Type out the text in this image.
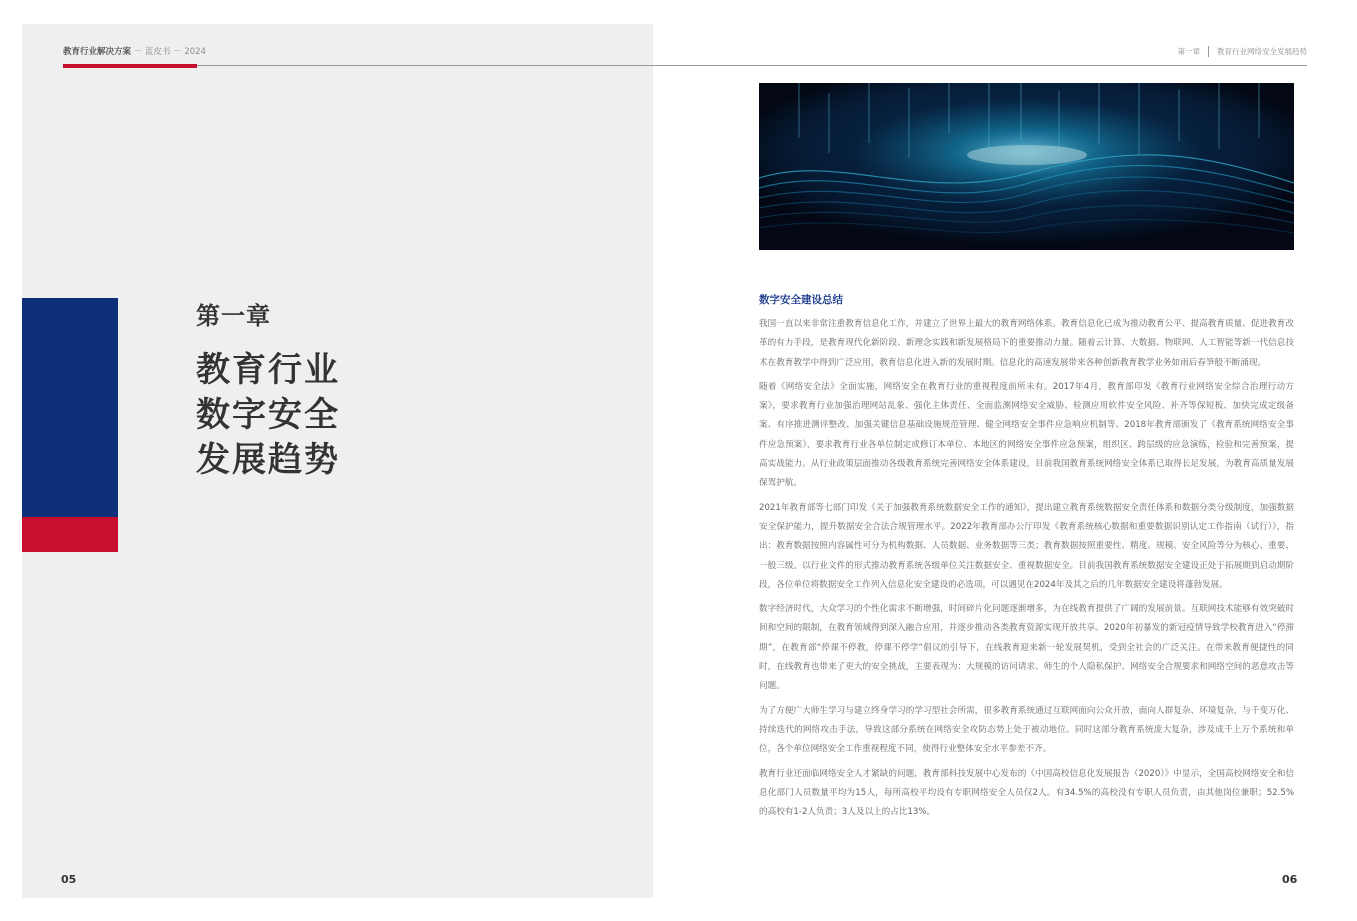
教育行业解决方案 － 蓝皮书 － 2024	第一章 教育行业网络安全发展趋势
第一章
教育行业
数字安全
发展趋势
05	06
数字安全建设总结

我国一直以来非常注重教育信息化工作，并建立了世界上最大的教育网络体系。教育信息化已成为推动教育公平、提高教育质量、促进教育改革的有力手段，是教育现代化新阶段、新理念实践和新发展格局下的重要推动力量。随着云计算、大数据、物联网、人工智能等新一代信息技术在教育教学中得到广泛应用，教育信息化进入新的发展时期。信息化的高速发展带来各种创新教育教学业务如雨后春笋般不断涌现。

随着《网络安全法》全面实施，网络安全在教育行业的重视程度前所未有。2017年4月，教育部印发《教育行业网络安全综合治理行动方案》，要求教育行业加强治理网站乱象、强化主体责任、全面监测网络安全威胁、检测应用软件安全风险、补齐等保短板、加快完成定级备案、有序推进测评整改、加强关键信息基础设施规范管理、健全网络安全事件应急响应机制等。2018年教育部颁发了《教育系统网络安全事件应急预案》，要求教育行业各单位制定或修订本单位、本地区的网络安全事件应急预案，组织区、跨层级的应急演练，检验和完善预案，提高实战能力。从行业政策层面推动各级教育系统完善网络安全体系建设，目前我国教育系统网络安全体系已取得长足发展，为教育高质量发展保驾护航。

2021年教育部等七部门印发《关于加强教育系统数据安全工作的通知》，提出建立教育系统数据安全责任体系和数据分类分级制度，加强数据安全保护能力，提升数据安全合法合规管理水平。2022年教育部办公厅印发《教育系统核心数据和重要数据识别认定工作指南（试行）》，指出：教育数据按照内容属性可分为机构数据、人员数据、业务数据等三类；教育数据按照重要性、精度、规模、安全风险等分为核心、重要、一般三级。以行业文件的形式推动教育系统各级单位关注数据安全、重视数据安全。目前我国教育系统数据安全建设正处于拓展期到启动期阶段，各位单位将数据安全工作列入信息化安全建设的必选项，可以遇见在2024年及其之后的几年数据安全建设将蓬勃发展。

数字经济时代，大众学习的个性化需求不断增强，时间碎片化问题逐渐增多，为在线教育提供了广阔的发展前景。互联网技术能够有效突破时间和空间的限制，在教育领域得到深入融合应用，并逐步推动各类教育资源实现开放共享。2020年初暴发的新冠疫情导致学校教育进入“停滞期”，在教育部“停课不停教，停课不停学”倡议的引导下，在线教育迎来新一轮发展契机，受到全社会的广泛关注。在带来教育便捷性的同时，在线教育也带来了更大的安全挑战，主要表现为：大规模的访问请求、师生的个人隐私保护、网络安全合规要求和网络空间的恶意攻击等问题。

为了方便广大师生学习与建立终身学习的学习型社会所需，很多教育系统通过互联网面向公众开放，面向人群复杂、环境复杂，与千变万化、持续迭代的网络攻击手法，导致这部分系统在网络安全攻防态势上处于被动地位。同时这部分教育系统庞大复杂，涉及成千上万个系统和单位，各个单位网络安全工作重视程度不同，使得行业整体安全水平参差不齐。

教育行业还面临网络安全人才紧缺的问题，教育部科技发展中心发布的《中国高校信息化发展报告（2020）》中显示，全国高校网络安全和信息化部门人员数量平均为15人，每所高校平均设有专职网络安全人员仅2人。有34.5%的高校没有专职人员负责，由其他岗位兼职；52.5%的高校有1-2人负责；3人及以上的占比13%。
